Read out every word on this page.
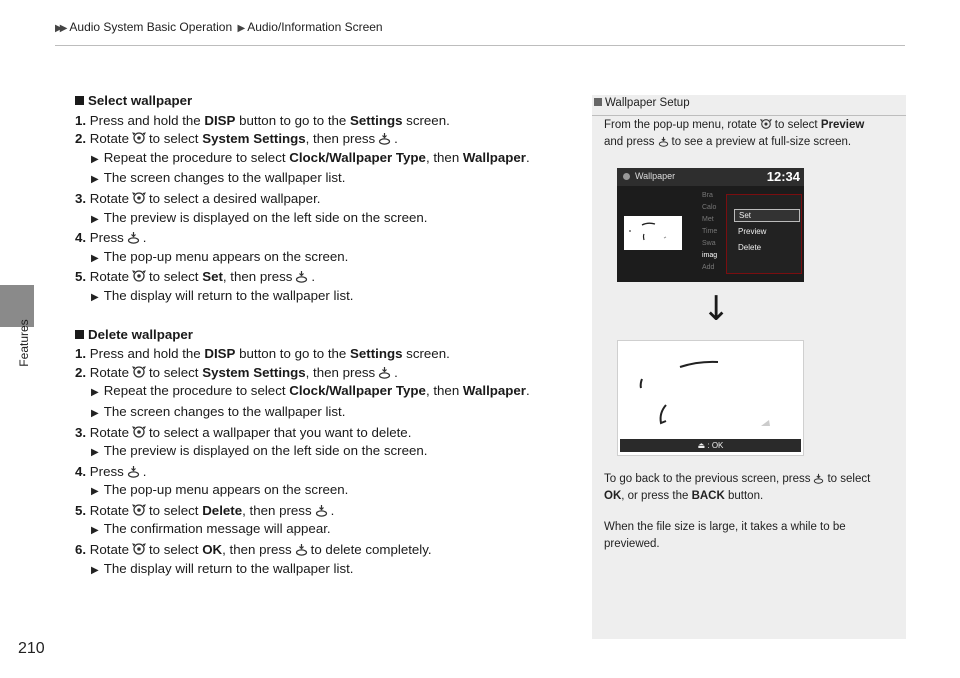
▶▶ Audio System Basic Operation ▶ Audio/Information Screen
Features
210
Select wallpaper
1. Press and hold the DISP button to go to the Settings screen.
2. Rotate to select System Settings, then press .
▶ Repeat the procedure to select Clock/Wallpaper Type, then Wallpaper.
▶ The screen changes to the wallpaper list.
3. Rotate to select a desired wallpaper.
▶ The preview is displayed on the left side on the screen.
4. Press .
▶ The pop-up menu appears on the screen.
5. Rotate to select Set, then press .
▶ The display will return to the wallpaper list.
Delete wallpaper
1. Press and hold the DISP button to go to the Settings screen.
2. Rotate to select System Settings, then press .
▶ Repeat the procedure to select Clock/Wallpaper Type, then Wallpaper.
▶ The screen changes to the wallpaper list.
3. Rotate to select a wallpaper that you want to delete.
▶ The preview is displayed on the left side on the screen.
4. Press .
▶ The pop-up menu appears on the screen.
5. Rotate to select Delete, then press .
▶ The confirmation message will appear.
6. Rotate to select OK, then press to delete completely.
▶ The display will return to the wallpaper list.
Wallpaper Setup
From the pop-up menu, rotate to select Preview
and press to see a preview at full-size screen.
To go back to the previous screen, press to select
OK, or press the BACK button.
When the file size is large, it takes a while to be previewed.
Wallpaper	12:34
Bra
Calo
Met
Time
Swa
imag
Add
Set
Preview
Delete
↓
⏏ : OK
